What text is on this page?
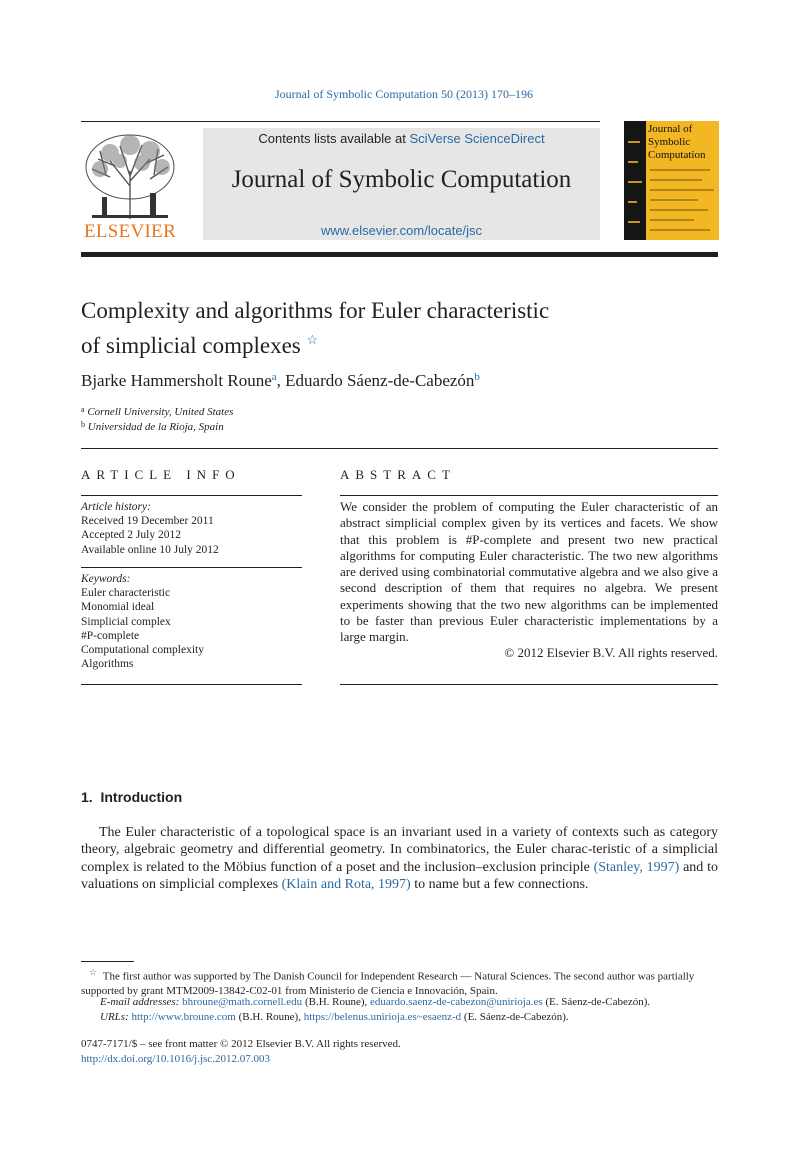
Journal of Symbolic Computation 50 (2013) 170–196
ELSEVIER
Contents lists available at SciVerse ScienceDirect
Journal of Symbolic Computation
www.elsevier.com/locate/jsc
Journal of
Symbolic
Computation
Complexity and algorithms for Euler characteristic
of simplicial complexes ☆
Bjarke Hammersholt Roune$^a$, Eduardo Sáenz-de-Cabezón$^b$
$^a$ Cornell University, United States
$^b$ Universidad de la Rioja, Spain
ARTICLE INFO
Article history:
Received 19 December 2011
Accepted 2 July 2012
Available online 10 July 2012
Keywords:
Euler characteristic
Monomial ideal
Simplicial complex
#P-complete
Computational complexity
Algorithms
ABSTRACT
We consider the problem of computing the Euler characteristic of an abstract simplicial complex given by its vertices and facets. We show that this problem is #P-complete and present two new practical algorithms for computing Euler characteristic. The two new algorithms are derived using combinatorial commutative algebra and we also give a second description of them that requires no algebra. We present experiments showing that the two new algorithms can be implemented to be faster than previous Euler characteristic implementations by a large margin.
© 2012 Elsevier B.V. All rights reserved.
1. Introduction
The Euler characteristic of a topological space is an invariant used in a variety of contexts such as category theory, algebraic geometry and differential geometry. In combinatorics, the Euler charac-teristic of a simplicial complex is related to the Möbius function of a poset and the inclusion–exclusion principle (Stanley, 1997) and to valuations on simplicial complexes (Klain and Rota, 1997) to name but a few connections.
☆ The first author was supported by The Danish Council for Independent Research — Natural Sciences. The second author was partially supported by grant MTM2009-13842-C02-01 from Ministerio de Ciencia e Innovación, Spain.
E-mail addresses: bhroune@math.cornell.edu (B.H. Roune), eduardo.saenz-de-cabezon@unirioja.es (E. Sáenz-de-Cabezón).
URLs: http://www.broune.com (B.H. Roune), https://belenus.unirioja.es~esaenz-d (E. Sáenz-de-Cabezón).
0747-7171/$ – see front matter © 2012 Elsevier B.V. All rights reserved.
http://dx.doi.org/10.1016/j.jsc.2012.07.003
